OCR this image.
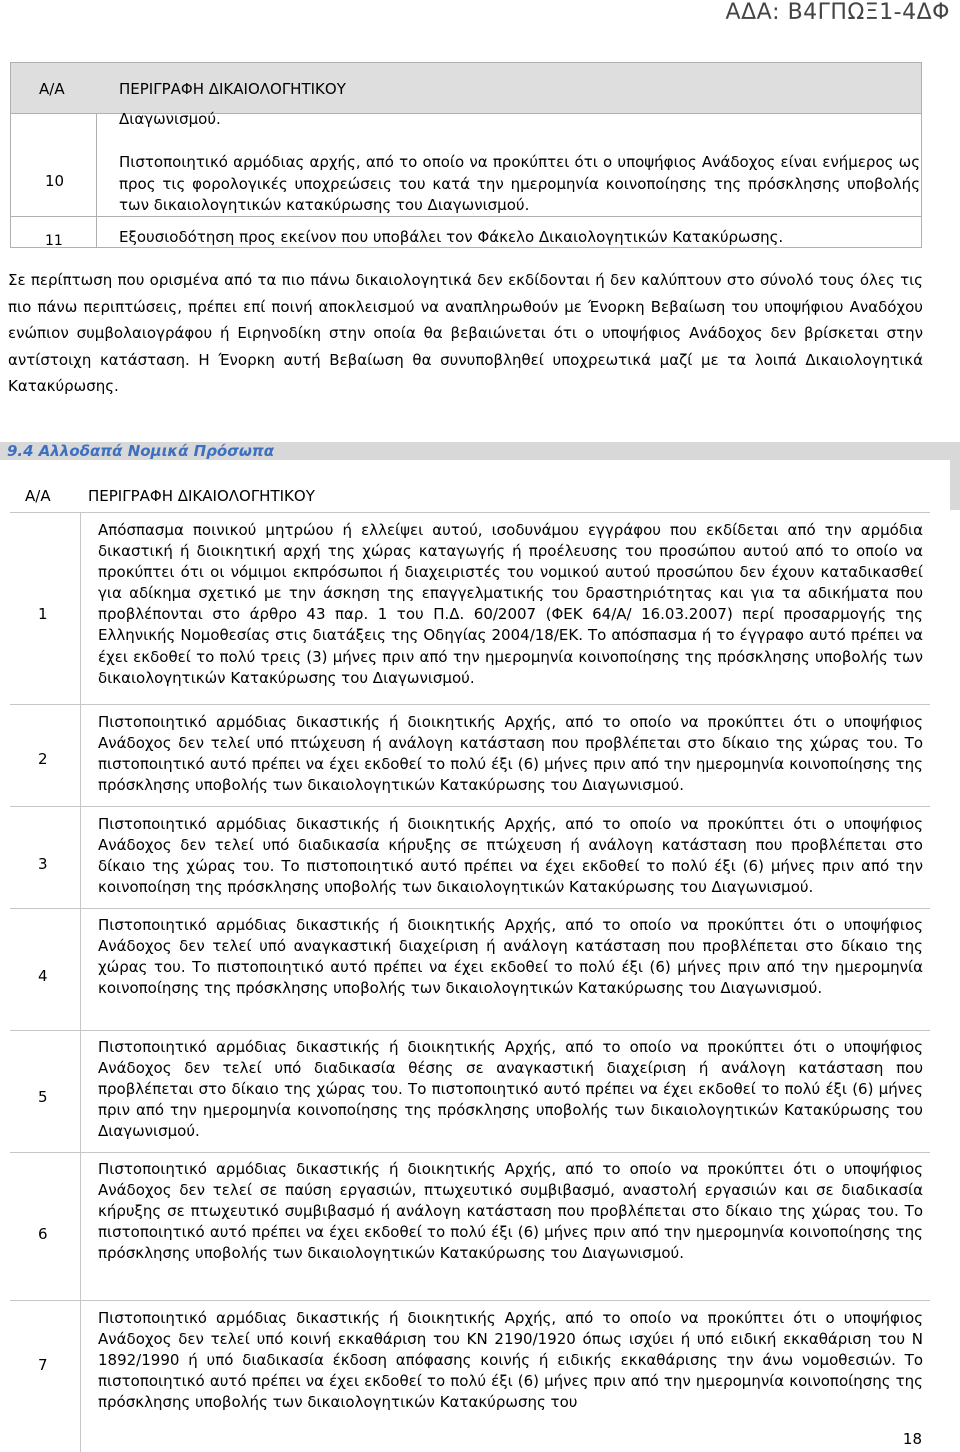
ΑΔΑ: Β4ΓΠΩΞ1-4ΔΦ
Α/Α	ΠΕΡΙΓΡΑΦΗ ΔΙΚΑΙΟΛΟΓΗΤΙΚΟΥ
Διαγωνισμού.
10

Πιστοποιητικό αρμόδιας αρχής, από το οποίο να προκύπτει ότι ο υποψήφιος Ανάδοχος είναι ενήμερος ως προς τις φορολογικές υποχρεώσεις του κατά την ημερομηνία κοινοποίησης της πρόσκλησης υποβολής των δικαιολογητικών κατακύρωσης του Διαγωνισμού.

11	Εξουσιοδότηση προς εκείνον που υποβάλει τον Φάκελο Δικαιολογητικών Κατακύρωσης.

Σε περίπτωση που ορισμένα από τα πιο πάνω δικαιολογητικά δεν εκδίδονται ή δεν καλύπτουν στο σύνολό τους όλες τις πιο πάνω περιπτώσεις, πρέπει επί ποινή αποκλεισμού να αναπληρωθούν με Ένορκη Βεβαίωση του υποψήφιου Αναδόχου ενώπιον συμβολαιογράφου ή Ειρηνοδίκη στην οποία θα βεβαιώνεται ότι ο υποψήφιος Ανάδοχος δεν βρίσκεται στην αντίστοιχη κατάσταση. Η Ένορκη αυτή Βεβαίωση θα συνυποβληθεί υποχρεωτικά μαζί με τα λοιπά Δικαιολογητικά Κατακύρωσης.

9.4 Αλλοδαπά Νομικά Πρόσωπα
Α/Α ΠΕΡΙΓΡΑΦΗ ΔΙΚΑΙΟΛΟΓΗΤΙΚΟΥ
1

Απόσπασμα ποινικού μητρώου ή ελλείψει αυτού, ισοδυνάμου εγγράφου που εκδίδεται από την αρμόδια δικαστική ή διοικητική αρχή της χώρας καταγωγής ή προέλευσης του προσώπου αυτού από το οποίο να προκύπτει ότι οι νόμιμοι εκπρόσωποι ή διαχειριστές του νομικού αυτού προσώπου δεν έχουν καταδικασθεί για αδίκημα σχετικό με την άσκηση της επαγγελματικής του δραστηριότητας και για τα αδικήματα που προβλέπονται στο άρθρο 43 παρ. 1 του Π.Δ. 60/2007 (ΦΕΚ 64/Α/ 16.03.2007) περί προσαρμογής της Ελληνικής Νομοθεσίας στις διατάξεις της Οδηγίας 2004/18/ΕΚ. Το απόσπασμα ή το έγγραφο αυτό πρέπει να έχει εκδοθεί το πολύ τρεις (3) μήνες πριν από την ημερομηνία κοινοποίησης της πρόσκλησης υποβολής των δικαιολογητικών Κατακύρωσης του Διαγωνισμού.

2

Πιστοποιητικό αρμόδιας δικαστικής ή διοικητικής Αρχής, από το οποίο να προκύπτει ότι ο υποψήφιος Ανάδοχος δεν τελεί υπό πτώχευση ή ανάλογη κατάσταση που προβλέπεται στο δίκαιο της χώρας του. Το πιστοποιητικό αυτό πρέπει να έχει εκδοθεί το πολύ έξι (6) μήνες πριν από την ημερομηνία κοινοποίησης της πρόσκλησης υποβολής των δικαιολογητικών Κατακύρωσης του Διαγωνισμού.

3

Πιστοποιητικό αρμόδιας δικαστικής ή διοικητικής Αρχής, από το οποίο να προκύπτει ότι ο υποψήφιος Ανάδοχος δεν τελεί υπό διαδικασία κήρυξης σε πτώχευση ή ανάλογη κατάσταση που προβλέπεται στο δίκαιο της χώρας του. Το πιστοποιητικό αυτό πρέπει να έχει εκδοθεί το πολύ έξι (6) μήνες πριν από την κοινοποίηση της πρόσκλησης υποβολής των δικαιολογητικών Κατακύρωσης του Διαγωνισμού.

4

Πιστοποιητικό αρμόδιας δικαστικής ή διοικητικής Αρχής, από το οποίο να προκύπτει ότι ο υποψήφιος Ανάδοχος δεν τελεί υπό αναγκαστική διαχείριση ή ανάλογη κατάσταση που προβλέπεται στο δίκαιο της χώρας του. Το πιστοποιητικό αυτό πρέπει να έχει εκδοθεί το πολύ έξι (6) μήνες πριν από την ημερομηνία κοινοποίησης της πρόσκλησης υποβολής των δικαιολογητικών Κατακύρωσης του Διαγωνισμού.

5

Πιστοποιητικό αρμόδιας δικαστικής ή διοικητικής Αρχής, από το οποίο να προκύπτει ότι ο υποψήφιος Ανάδοχος δεν τελεί υπό διαδικασία θέσης σε αναγκαστική διαχείριση ή ανάλογη κατάσταση που προβλέπεται στο δίκαιο της χώρας του. Το πιστοποιητικό αυτό πρέπει να έχει εκδοθεί το πολύ έξι (6) μήνες πριν από την ημερομηνία κοινοποίησης της πρόσκλησης υποβολής των δικαιολογητικών Κατακύρωσης του Διαγωνισμού.

6

Πιστοποιητικό αρμόδιας δικαστικής ή διοικητικής Αρχής, από το οποίο να προκύπτει ότι ο υποψήφιος Ανάδοχος δεν τελεί σε παύση εργασιών, πτωχευτικό συμβιβασμό, αναστολή εργασιών και σε διαδικασία κήρυξης σε πτωχευτικό συμβιβασμό ή ανάλογη κατάσταση που προβλέπεται στο δίκαιο της χώρας του. Το πιστοποιητικό αυτό πρέπει να έχει εκδοθεί το πολύ έξι (6) μήνες πριν από την ημερομηνία κοινοποίησης της πρόσκλησης υποβολής των δικαιολογητικών Κατακύρωσης του Διαγωνισμού.

7

Πιστοποιητικό αρμόδιας δικαστικής ή διοικητικής Αρχής, από το οποίο να προκύπτει ότι ο υποψήφιος Ανάδοχος δεν τελεί υπό κοινή εκκαθάριση του ΚΝ 2190/1920 όπως ισχύει ή υπό ειδική εκκαθάριση του Ν 1892/1990 ή υπό διαδικασία έκδοση απόφασης κοινής ή ειδικής εκκαθάρισης την άνω νομοθεσιών. Το πιστοποιητικό αυτό πρέπει να έχει εκδοθεί το πολύ έξι (6) μήνες πριν από την ημερομηνία κοινοποίησης της πρόσκλησης υποβολής των δικαιολογητικών Κατακύρωσης του

18
